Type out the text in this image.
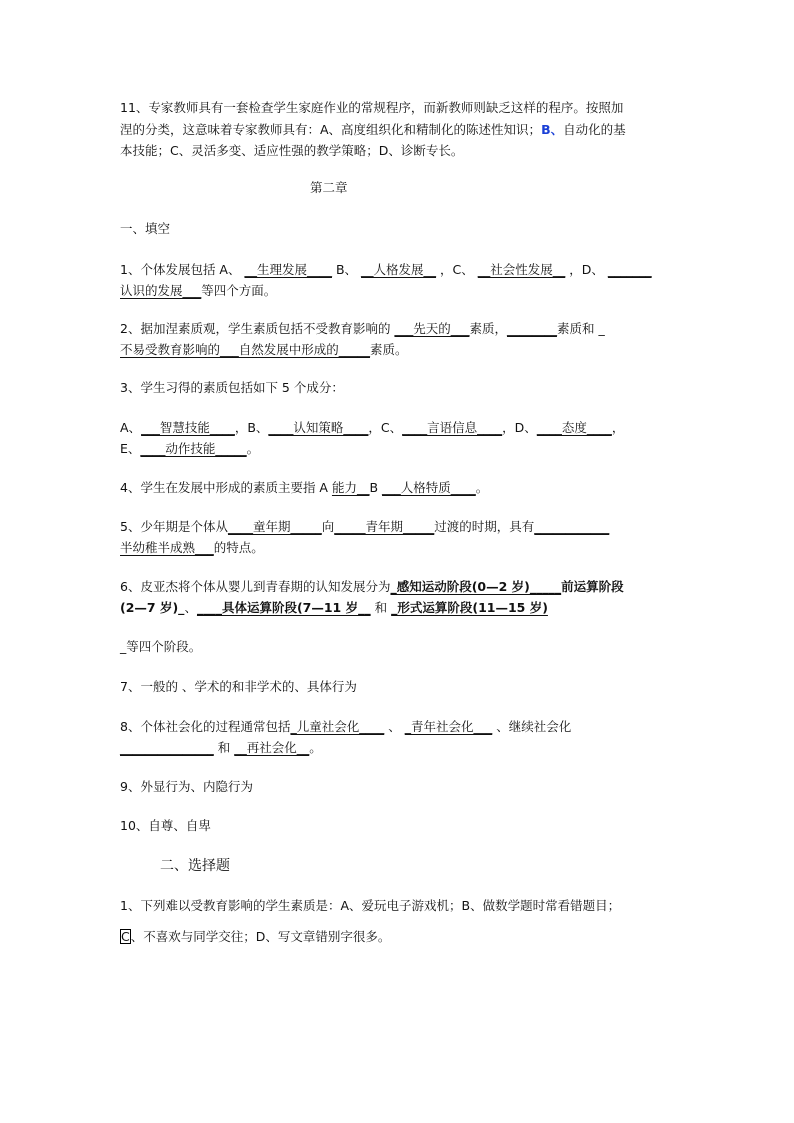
11、专家教师具有一套检查学生家庭作业的常规程序，而新教师则缺乏这样的程序。按照加
涅的分类，这意味着专家教师具有：A、高度组织化和精制化的陈述性知识；B、自动化的基
本技能；C、灵活多变、适应性强的教学策略；D、诊断专长。
第二章
一、填空
1、个体发展包括 A、 __生理发展____ B、 __人格发展__ ，C、 __社会性发展__ ，D、 _______
认识的发展___等四个方面。
2、据加涅素质观，学生素质包括不受教育影响的 ___先天的___素质，________素质和 _
不易受教育影响的___自然发展中形成的_____素质。
3、学生习得的素质包括如下 5 个成分：
A、___智慧技能____，B、____认知策略____，C、____言语信息____，D、____态度____，
E、____动作技能_____。
4、学生在发展中形成的素质主要指 A 能力__B ___人格特质____。
5、少年期是个体从____童年期_____向_____青年期_____过渡的时期，具有____________
半幼稚半成熟___的特点。
6、皮亚杰将个体从婴儿到青春期的认知发展分为_感知运动阶段(0—2 岁)_____前运算阶段
(2—7 岁)_、____具体运算阶段(7—11 岁__ 和 _形式运算阶段(11—15 岁)
_等四个阶段。
7、一般的 、学术的和非学术的、具体行为
8、个体社会化的过程通常包括_儿童社会化____ 、 _青年社会化___ 、继续社会化
_______________ 和 __再社会化__。
9、外显行为、内隐行为
10、自尊、自卑
二、选择题
1、下列难以受教育影响的学生素质是：A、爱玩电子游戏机；B、做数学题时常看错题目；
C、不喜欢与同学交往；D、写文章错别字很多。
